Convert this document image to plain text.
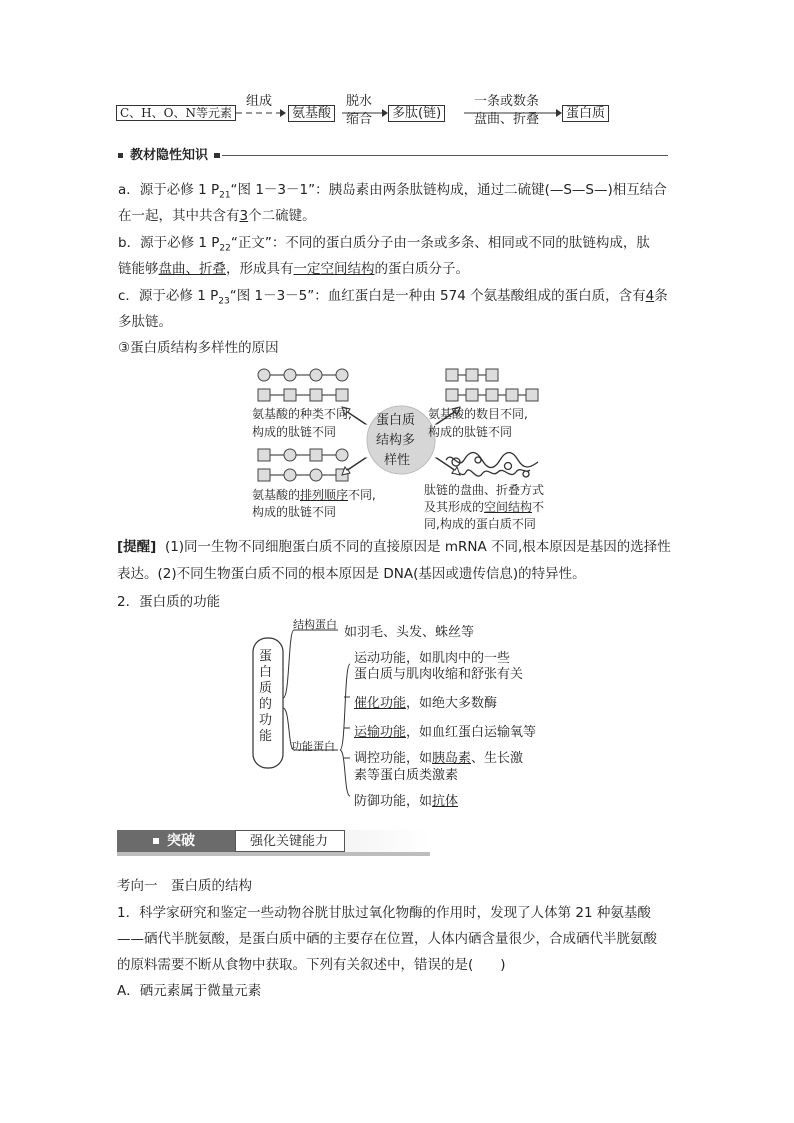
C、H、O、N等元素
组成
氨基酸
脱水
缩合	多肽(链)
一条或数条
盘曲、折叠	蛋白质
教材隐性知识
a．源于必修 1 $P_{21}“$图 1－3－1”：胰岛素由两条肽链构成，通过二硫键(—S—S—)相互结合
在一起，其中共含有3个二硫键。
b．源于必修 1 $P_{22}“$正文”：不同的蛋白质分子由一条或多条、相同或不同的肽链构成，肽
链能够盘曲、折叠，形成具有一定空间结构的蛋白质分子。
c．源于必修 1 $P_{23}“$图 1－3－5”：血红蛋白是一种由 574 个氨基酸组成的蛋白质，含有4条
多肽链。
③蛋白质结构多样性的原因
蛋白质
结构多
样性
氨基酸的种类不同,
构成的肽链不同
氨基酸的数目不同,
构成的肽链不同
氨基酸的排列顺序不同,
构成的肽链不同
肽链的盘曲、折叠方式
及其形成的空间结构不
同,构成的蛋白质不同
[提醒] (1)同一生物不同细胞蛋白质不同的直接原因是 mRNA 不同,根本原因是基因的选择性
表达。(2)不同生物蛋白质不同的根本原因是 DNA(基因或遗传信息)的特异性。
2．蛋白质的功能
蛋
白
质
的
功
能
结构蛋白
如羽毛、头发、蛛丝等
功能蛋白
运动功能，如肌肉中的一些
蛋白质与肌肉收缩和舒张有关
催化功能，如绝大多数酶
运输功能，如血红蛋白运输氧等
调控功能，如胰岛素、生长激
素等蛋白质类激素
防御功能，如抗体
突破	强化关键能力
考向一　蛋白质的结构
1．科学家研究和鉴定一些动物谷胱甘肽过氧化物酶的作用时，发现了人体第 21 种氨基酸
——硒代半胱氨酸，是蛋白质中硒的主要存在位置，人体内硒含量很少，合成硒代半胱氨酸
的原料需要不断从食物中获取。下列有关叙述中，错误的是(　　)
A．硒元素属于微量元素
